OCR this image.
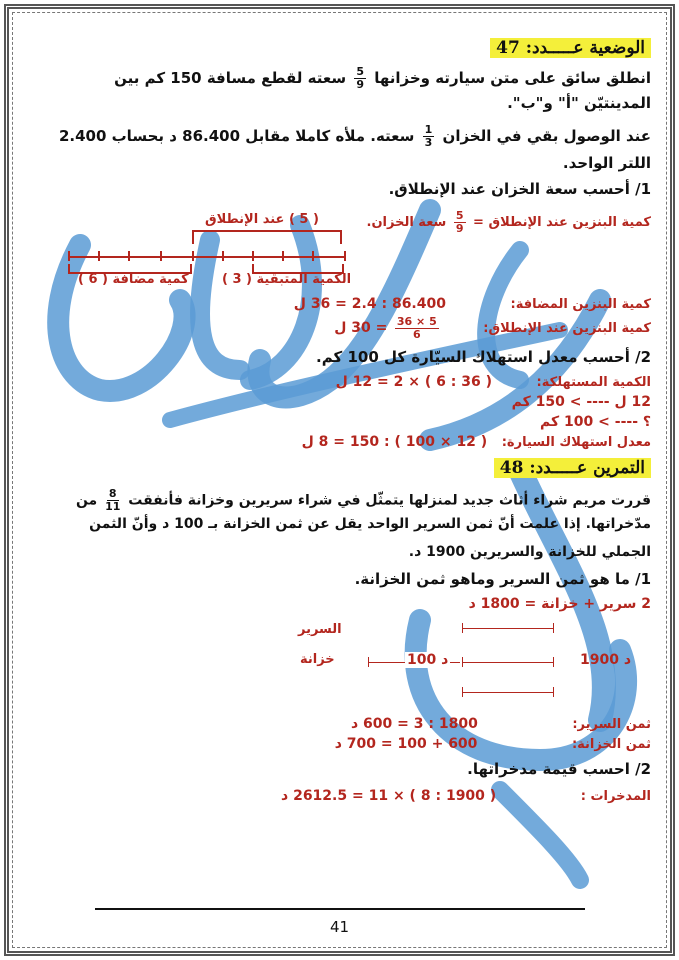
الوضعية عـــــدد: 47
انطلق سائق على متن سيارته وخزانها
$\frac{5}{9}$
سعته لقطع مسافة 150 كم بين
المدينتيّن "أ" و"ب".
عند الوصول بقي في الخزان
$\frac{1}{3}$
سعته. ملأه كاملا مقابل 86.400 د بحساب 2.400
اللتر الواحد.
1/ أحسب سعة الخزان عند الإنطلاق.
كمية البنزين عند الإنطلاق =
$\frac{5}{9}$
سعة الخزان.
( 5 ) عند الإنطلاق
الكمية المتبقية ( 3 )
كمية مضافة ( 6 )
كمية البنزين المضافة: 86.400 : 2.4 = 36 ل
كمية البنزين عند الإنطلاق:
$\frac{5 \times 36}{6}$
= 30 ل
2/ أحسب معدل استهلاك السيّارة كل 100 كم.
الكمية المستهلكة: ( 36 : 6 ) × 2 = 12 ل
12 ل ---- > 150 كم
؟ ---- > 100 كم
معدل استهلاك السيارة: ( 12 × 100 ) : 150 = 8 ل
التمرين عـــــدد: 48
قررت مريم شراء أثاث جديد لمنزلها يتمثّل في شراء سريرين وخزانة فأنفقت
$\frac{8}{11}$
من
مدّخراتها. إذا علمت أنّ ثمن السرير الواحد يقل عن ثمن الخزانة بـ 100 د وأنّ الثمن
الجملي للخزانة والسريرين 1900 د.
1/ ما هو ثمن السرير وماهو ثمن الخزانة.
2 سرير + خزانة = 1800 د
السرير
1900 د
خزانة	100 د
ثمن السرير: 1800 : 3 = 600 د
ثمن الخزانة: 600 + 100 = 700 د
2/ احسب قيمة مدخراتها.
المدخرات : ( 1900 : 8 ) × 11 = 2612.5 د
41
